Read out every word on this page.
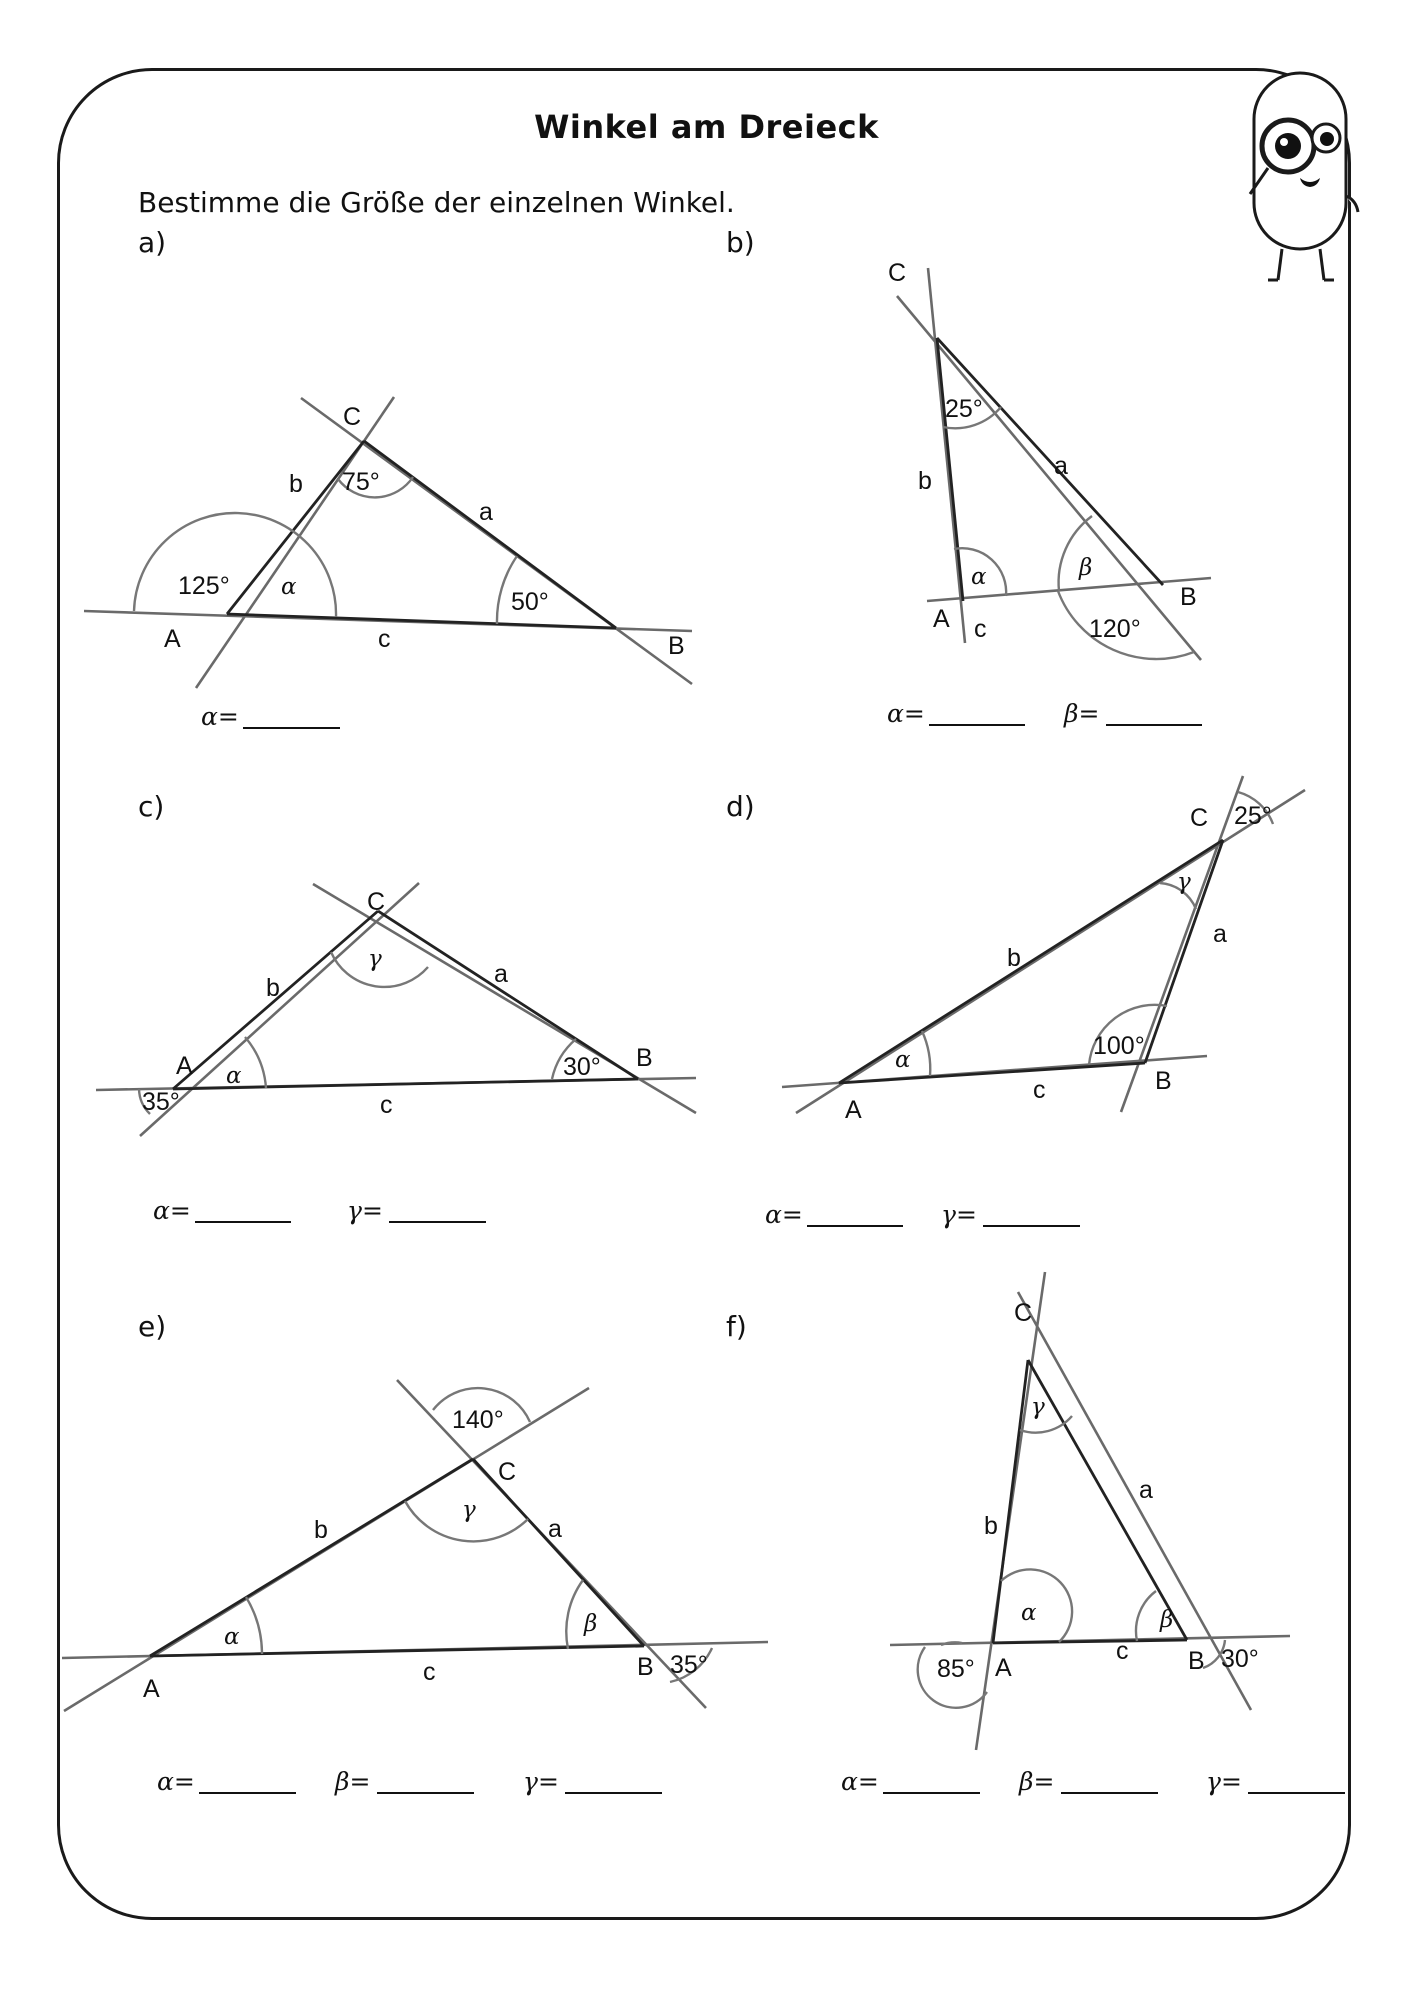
Winkel am Dreieck
Bestimme die Größe der einzelnen Winkel.
a)	b)
c)	d)
e)	f)
C
A	B
b
a
c
125°
75°
50°
α
α=
C
A
B
b
a
c
25°
120°
α	β
α=	β=
C
A	B
b	a
c
35°
30°
γ
α
α=	γ=
C
A
B
b
a
c
25°
100°
γ
α
α=	γ=
C
A
B
b	a
c
140°
35°
γ
α	β
α=	β=	γ=
C
A	B
b
a
c
85°	30°
γ
α	β
α=	β=	γ=
